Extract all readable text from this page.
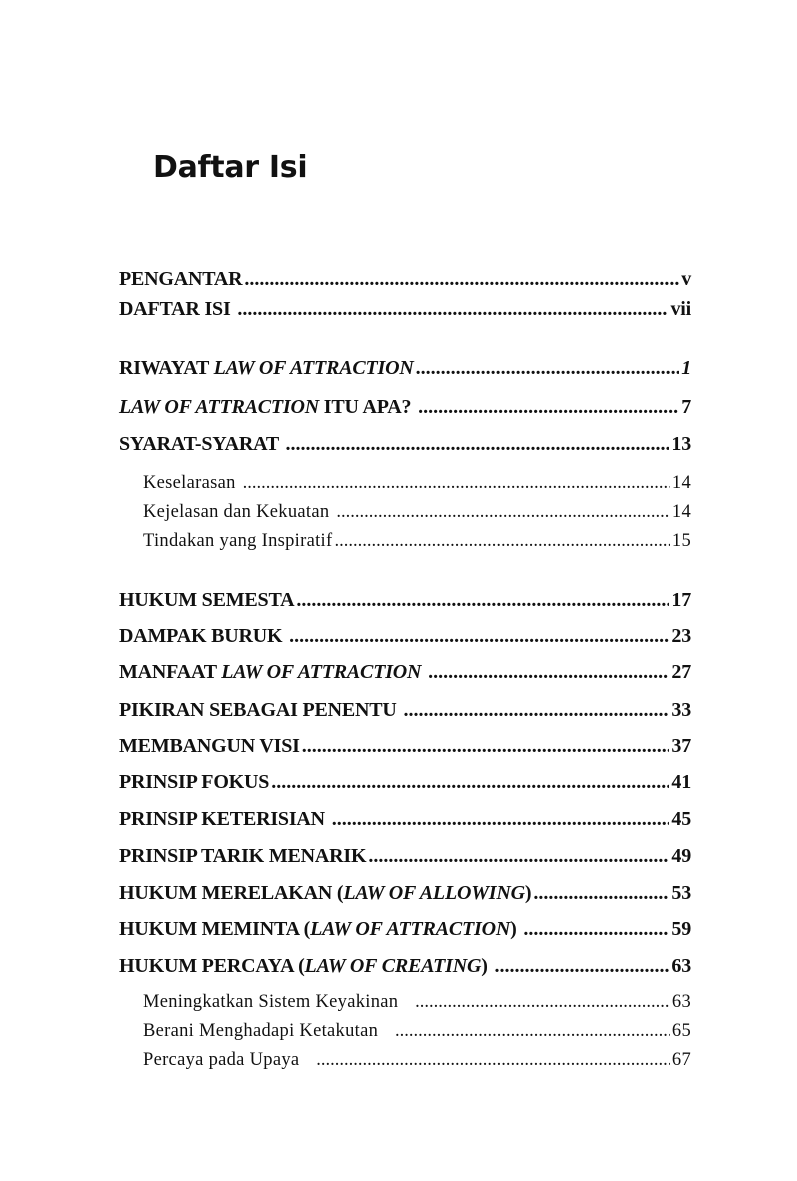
Daftar Isi
PENGANTAR .....	v
DAFTAR ISI .....	vii
RIWAYAT LAW OF ATTRACTION .....	1
LAW OF ATTRACTION ITU APA? .....	7
SYARAT-SYARAT .....	13
Keselarasan .....	14
Kejelasan dan Kekuatan .....	14
Tindakan yang Inspiratif .....	15
HUKUM SEMESTA .....	17
DAMPAK BURUK .....	23
MANFAAT LAW OF ATTRACTION .....	27
PIKIRAN SEBAGAI PENENTU .....	33
MEMBANGUN VISI .....	37
PRINSIP FOKUS .....	41
PRINSIP KETERISIAN .....	45
PRINSIP TARIK MENARIK .....	49
HUKUM MERELAKAN (LAW OF ALLOWING) .....	53
HUKUM MEMINTA (LAW OF ATTRACTION) .....	59
HUKUM PERCAYA (LAW OF CREATING) .....	63
Meningkatkan Sistem Keyakinan .....	63
Berani Menghadapi Ketakutan .....	65
Percaya pada Upaya .....	67
